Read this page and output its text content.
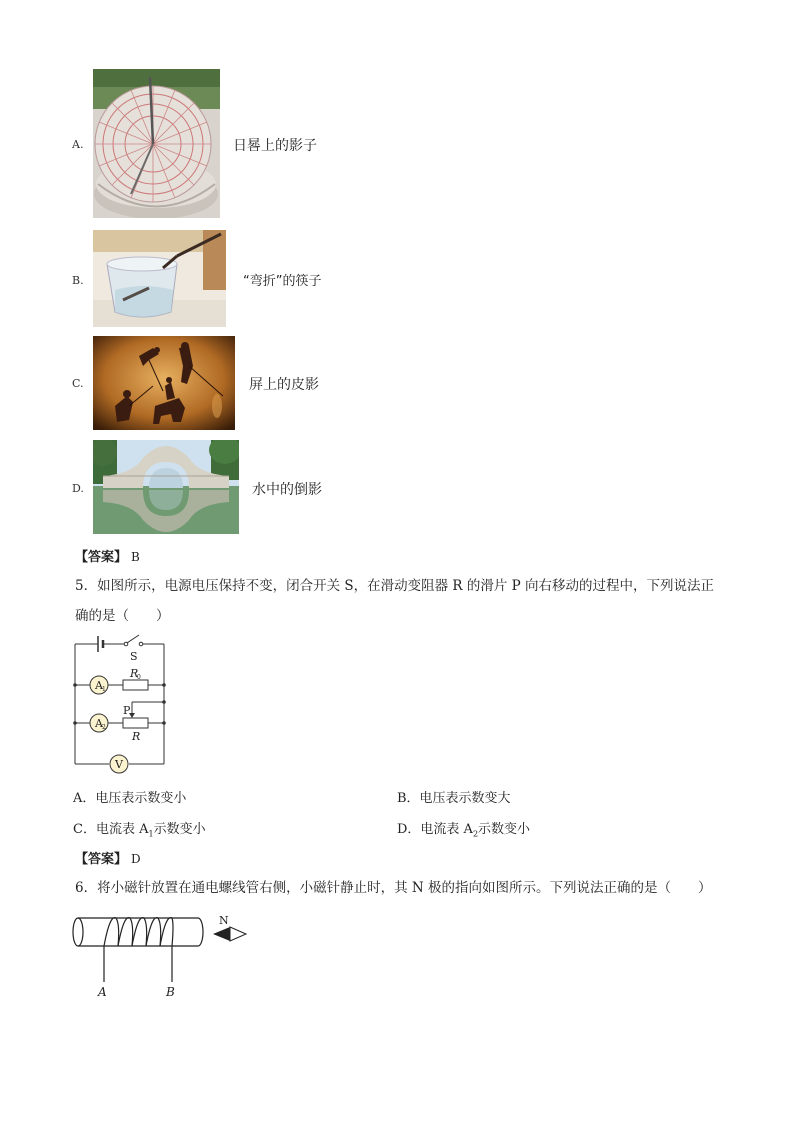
A.	日晷上的影子
B.	“弯折”的筷子
C.	屏上的皮影
D.	水中的倒影
【答案】 B
5．如图所示，电源电压保持不变，闭合开关 S，在滑动变阻器 R 的滑片 P 向右移动的过程中，下列说法正
确的是（　　）
A 1
A 2
V
S
R
0
P
R
A．电压表示数变小	B．电压表示数变大
C．电流表 $A_1$示数变小	D．电流表 $A_2$示数变小
【答案】 D
6．将小磁针放置在通电螺线管右侧，小磁针静止时，其 N 极的指向如图所示。下列说法正确的是（　　）
N
A	B
